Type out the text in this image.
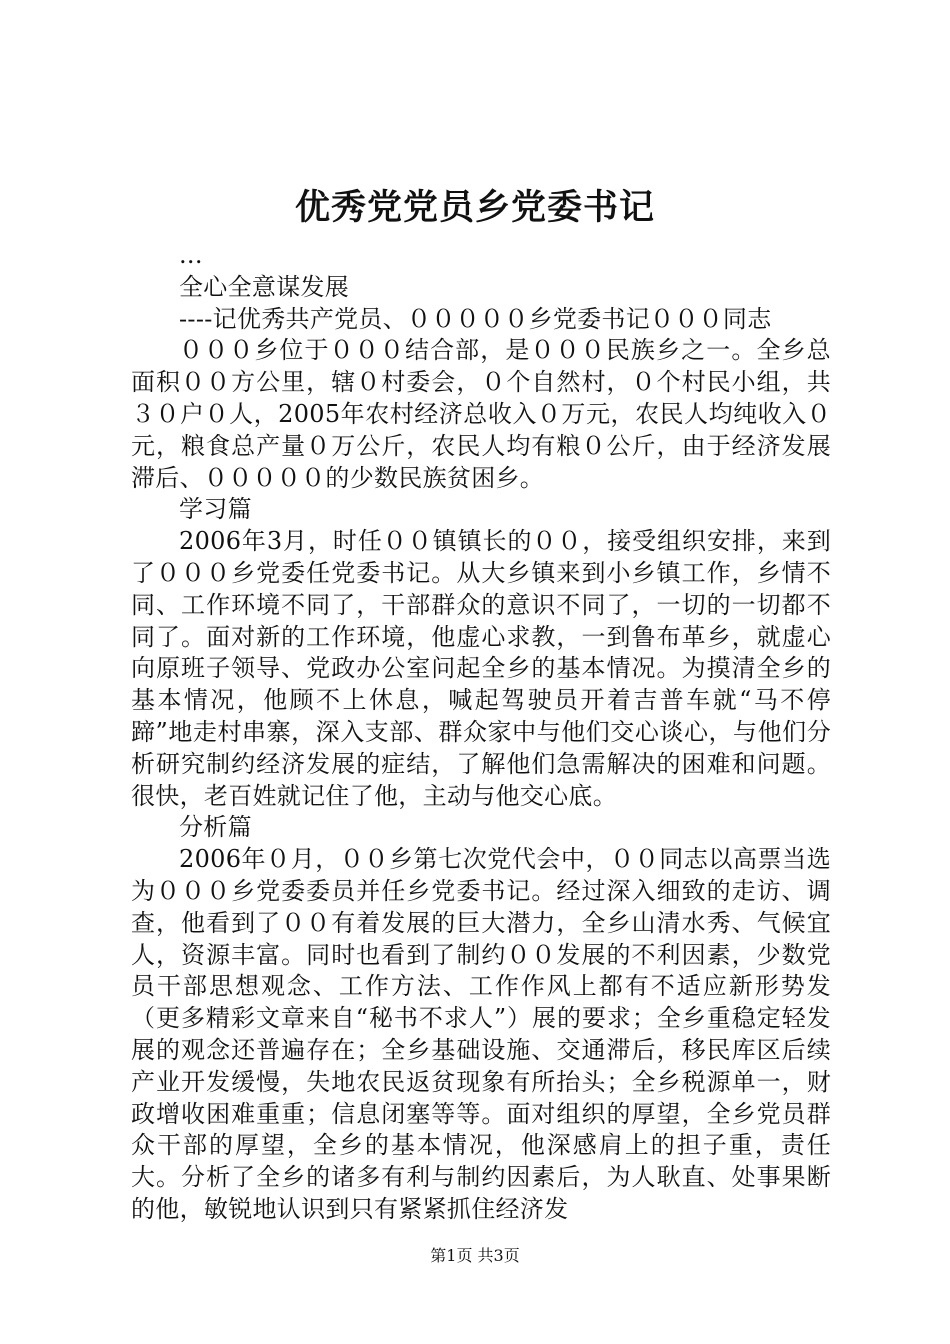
优秀党党员乡党委书记

...

全心全意谋发展

----记优秀共产党员、０００００乡党委书记０００同志

０００乡位于０００结合部，是０００民族乡之一。全乡总面积００方公里，辖０村委会，０个自然村，０个村民小组，共３０户０人，2005年农村经济总收入０万元，农民人均纯收入０元，粮食总产量０万公斤，农民人均有粮０公斤，由于经济发展滞后、０００００的少数民族贫困乡。

学习篇

2006年3月，时任００镇镇长的００，接受组织安排，来到了０００乡党委任党委书记。从大乡镇来到小乡镇工作，乡情不同、工作环境不同了，干部群众的意识不同了，一切的一切都不同了。面对新的工作环境，他虚心求教，一到鲁布革乡，就虚心向原班子领导、党政办公室问起全乡的基本情况。为摸清全乡的基本情况，他顾不上休息，喊起驾驶员开着吉普车就“马不停蹄”地走村串寨，深入支部、群众家中与他们交心谈心，与他们分析研究制约经济发展的症结，了解他们急需解决的困难和问题。很快，老百姓就记住了他，主动与他交心底。

分析篇

2006年０月，００乡第七次党代会中，００同志以高票当选为０００乡党委委员并任乡党委书记。经过深入细致的走访、调查，他看到了００有着发展的巨大潜力，全乡山清水秀、气候宜人，资源丰富。同时也看到了制约００发展的不利因素，少数党员干部思想观念、工作方法、工作作风上都有不适应新形势发（更多精彩文章来自“秘书不求人”）展的要求；全乡重稳定轻发展的观念还普遍存在；全乡基础设施、交通滞后，移民库区后续产业开发缓慢，失地农民返贫现象有所抬头；全乡税源单一，财政增收困难重重；信息闭塞等等。面对组织的厚望，全乡党员群众干部的厚望，全乡的基本情况，他深感肩上的担子重，责任大。分析了全乡的诸多有利与制约因素后，为人耿直、处事果断的他，敏锐地认识到只有紧紧抓住经济发

第1页 共3页
